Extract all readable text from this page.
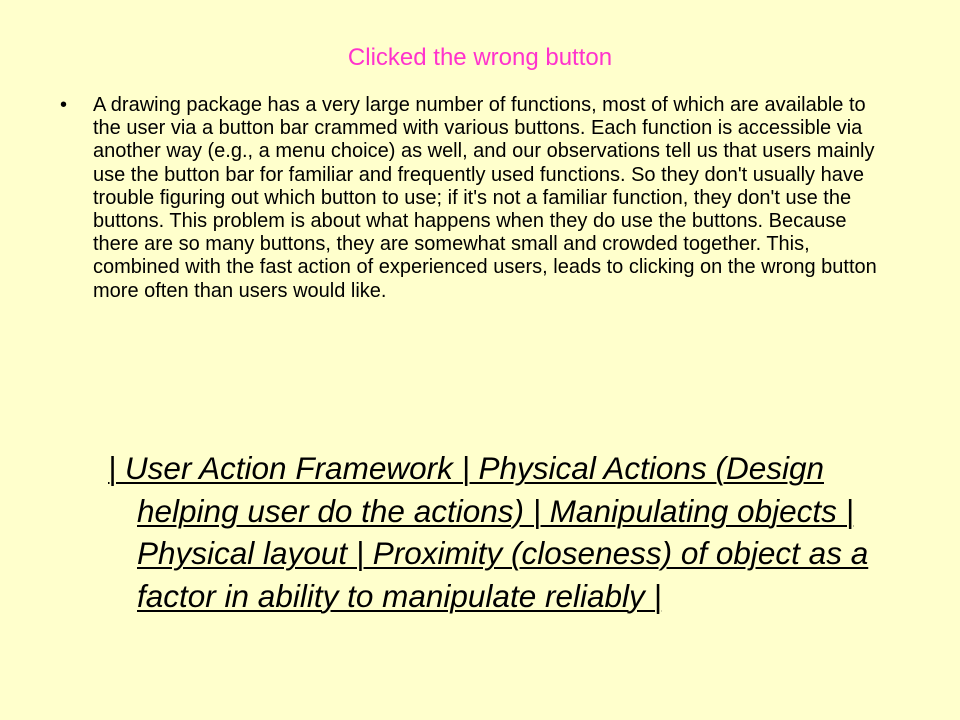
Clicked the wrong button
• A drawing package has a very large number of functions, most of which are available to the user via a button bar crammed with various buttons. Each function is accessible via another way (e.g., a menu choice) as well, and our observations tell us that users mainly use the button bar for familiar and frequently used functions. So they don't usually have trouble figuring out which button to use; if it's not a familiar function, they don't use the buttons. This problem is about what happens when they do use the buttons. Because there are so many buttons, they are somewhat small and crowded together. This, combined with the fast action of experienced users, leads to clicking on the wrong button more often than users would like.

| User Action Framework | Physical Actions (Design helping user do the actions) | Manipulating objects | Physical layout | Proximity (closeness) of object as a factor in ability to manipulate reliably |
